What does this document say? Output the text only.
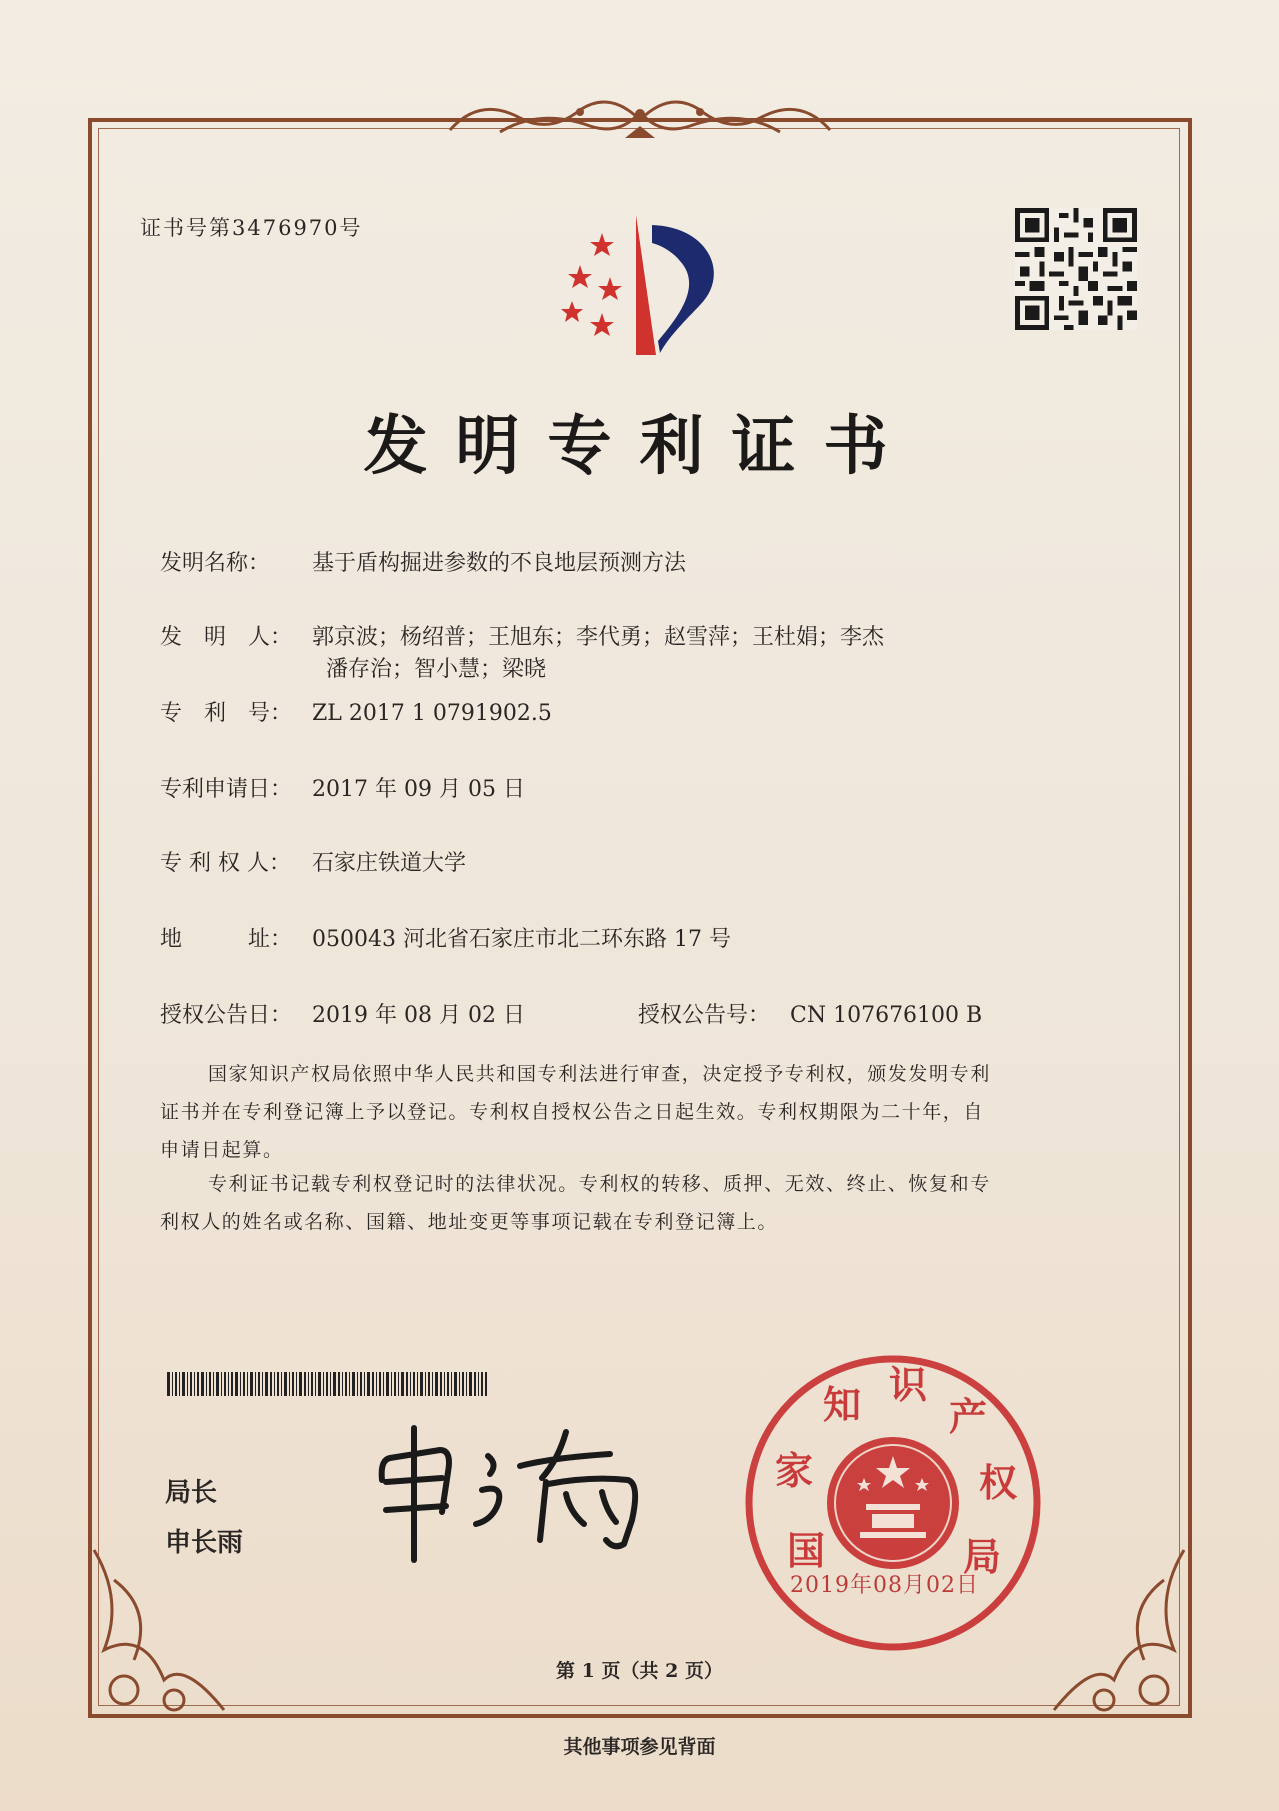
证书号第3476970号
发明专利证书
发明名称： 基于盾构掘进参数的不良地层预测方法
发　明　人： 郭京波；杨绍普；王旭东；李代勇；赵雪萍；王杜娟；李杰
潘存治；智小慧；梁晓
专　利　号： ZL 2017 1 0791902.5
专利申请日： 2017 年 09 月 05 日
专 利 权 人： 石家庄铁道大学
地　　　址： 050043 河北省石家庄市北二环东路 17 号
授权公告日： 2019 年 08 月 02 日	授权公告号： CN 107676100 B
国家知识产权局依照中华人民共和国专利法进行审查，决定授予专利权，颁发发明专利
证书并在专利登记簿上予以登记。专利权自授权公告之日起生效。专利权期限为二十年，自
申请日起算。
专利证书记载专利权登记时的法律状况。专利权的转移、质押、无效、终止、恢复和专
利权人的姓名或名称、国籍、地址变更等事项记载在专利登记簿上。
局长
申长雨	国
家
知 识
产
权
局
2019年08月02日
第 1 页（共 2 页）
其他事项参见背面
